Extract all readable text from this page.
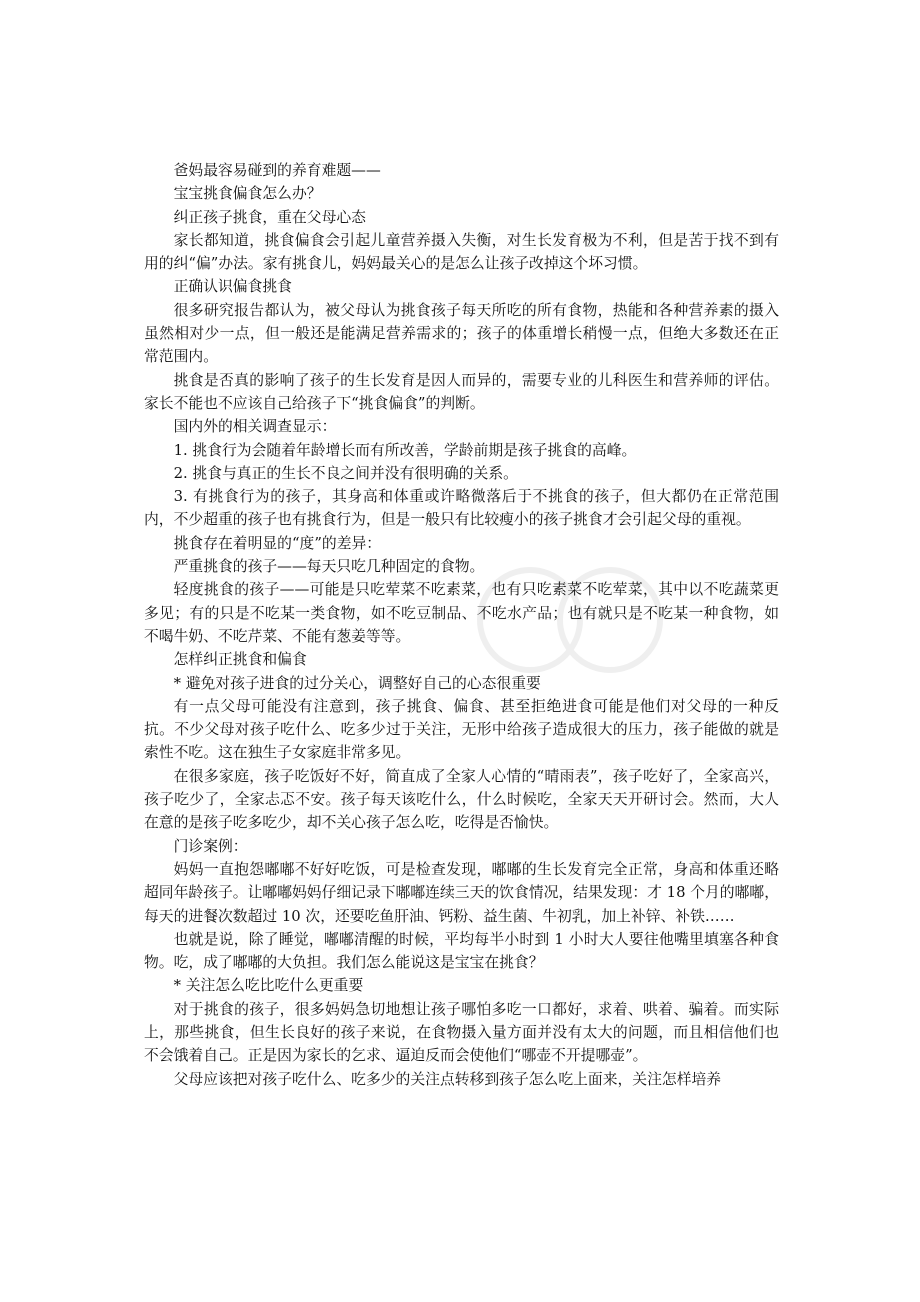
爸妈最容易碰到的养育难题——

宝宝挑食偏食怎么办？

纠正孩子挑食，重在父母心态

家长都知道，挑食偏食会引起儿童营养摄入失衡，对生长发育极为不利，但是苦于找不到有用的纠“偏”办法。家有挑食儿，妈妈最关心的是怎么让孩子改掉这个坏习惯。

正确认识偏食挑食

很多研究报告都认为，被父母认为挑食孩子每天所吃的所有食物，热能和各种营养素的摄入虽然相对少一点，但一般还是能满足营养需求的；孩子的体重增长稍慢一点，但绝大多数还在正常范围内。

挑食是否真的影响了孩子的生长发育是因人而异的，需要专业的儿科医生和营养师的评估。家长不能也不应该自己给孩子下“挑食偏食”的判断。

国内外的相关调查显示：

1. 挑食行为会随着年龄增长而有所改善，学龄前期是孩子挑食的高峰。

2. 挑食与真正的生长不良之间并没有很明确的关系。

3. 有挑食行为的孩子，其身高和体重或许略微落后于不挑食的孩子，但大都仍在正常范围内，不少超重的孩子也有挑食行为，但是一般只有比较瘦小的孩子挑食才会引起父母的重视。

挑食存在着明显的“度”的差异：

严重挑食的孩子——每天只吃几种固定的食物。

轻度挑食的孩子——可能是只吃荤菜不吃素菜，也有只吃素菜不吃荤菜，其中以不吃蔬菜更多见；有的只是不吃某一类食物，如不吃豆制品、不吃水产品；也有就只是不吃某一种食物，如不喝牛奶、不吃芹菜、不能有葱姜等等。

怎样纠正挑食和偏食

* 避免对孩子进食的过分关心，调整好自己的心态很重要

有一点父母可能没有注意到，孩子挑食、偏食、甚至拒绝进食可能是他们对父母的一种反抗。不少父母对孩子吃什么、吃多少过于关注，无形中给孩子造成很大的压力，孩子能做的就是索性不吃。这在独生子女家庭非常多见。

在很多家庭，孩子吃饭好不好，简直成了全家人心情的“晴雨表”，孩子吃好了，全家高兴，孩子吃少了，全家忐忑不安。孩子每天该吃什么，什么时候吃，全家天天开研讨会。然而，大人在意的是孩子吃多吃少，却不关心孩子怎么吃，吃得是否愉快。

门诊案例：

妈妈一直抱怨嘟嘟不好好吃饭，可是检查发现，嘟嘟的生长发育完全正常，身高和体重还略超同年龄孩子。让嘟嘟妈妈仔细记录下嘟嘟连续三天的饮食情况，结果发现：才 18 个月的嘟嘟，每天的进餐次数超过 10 次，还要吃鱼肝油、钙粉、益生菌、牛初乳，加上补锌、补铁……

也就是说，除了睡觉，嘟嘟清醒的时候，平均每半小时到 1 小时大人要往他嘴里填塞各种食物。吃，成了嘟嘟的大负担。我们怎么能说这是宝宝在挑食？

* 关注怎么吃比吃什么更重要

对于挑食的孩子，很多妈妈急切地想让孩子哪怕多吃一口都好，求着、哄着、骗着。而实际上，那些挑食，但生长良好的孩子来说，在食物摄入量方面并没有太大的问题，而且相信他们也不会饿着自己。正是因为家长的乞求、逼迫反而会使他们“哪壶不开提哪壶”。

父母应该把对孩子吃什么、吃多少的关注点转移到孩子怎么吃上面来，关注怎样培养
